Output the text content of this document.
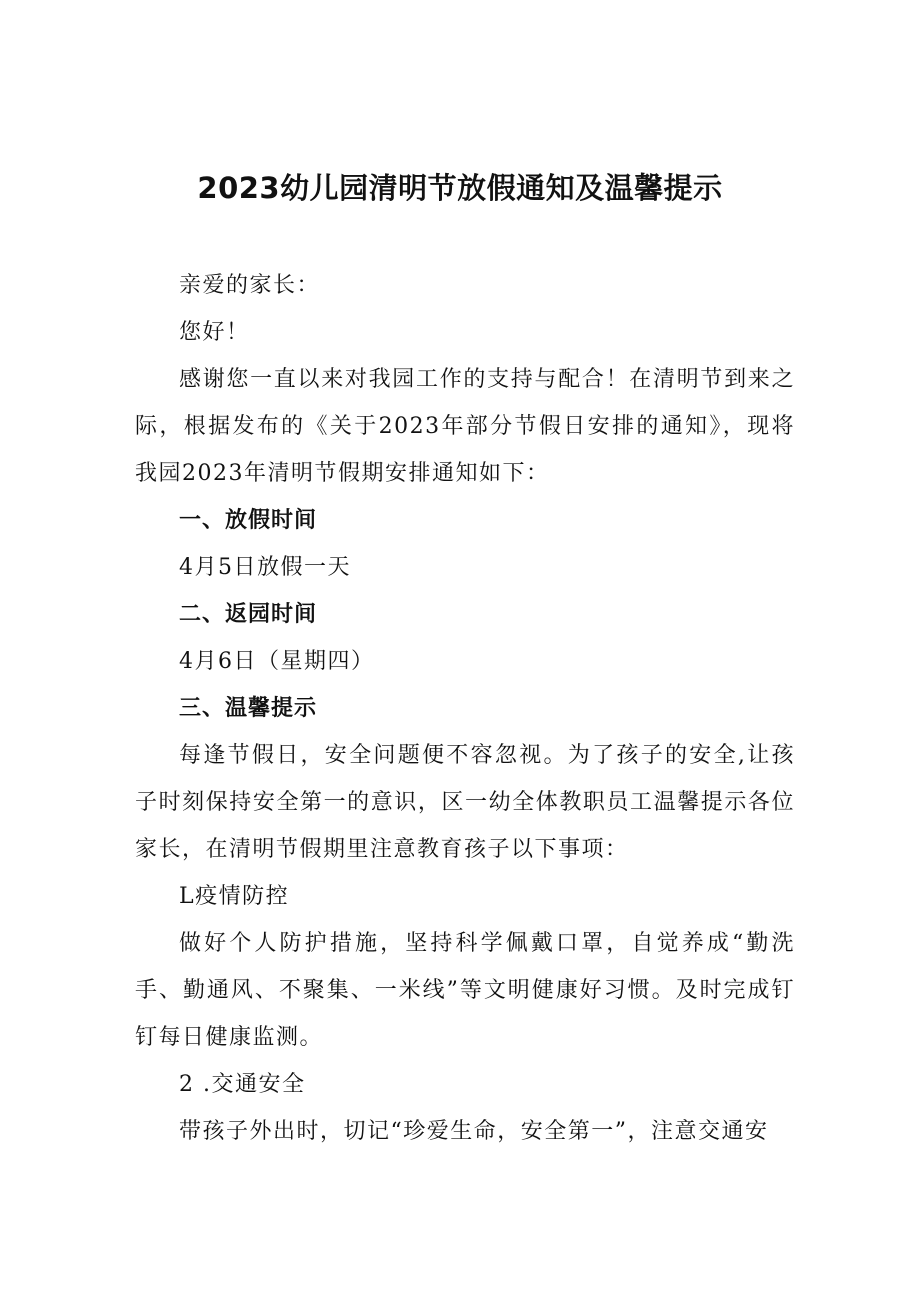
2023幼儿园清明节放假通知及温馨提示

亲爱的家长：

您好！

感谢您一直以来对我园工作的支持与配合！在清明节到来之际，根据发布的《关于2023年部分节假日安排的通知》，现将我园2023年清明节假期安排通知如下：

一、放假时间

4月5日放假一天

二、返园时间

4月6日（星期四）

三、温馨提示

每逢节假日，安全问题便不容忽视。为了孩子的安全,让孩子时刻保持安全第一的意识，区一幼全体教职员工温馨提示各位家长，在清明节假期里注意教育孩子以下事项：

L疫情防控

做好个人防护措施，坚持科学佩戴口罩，自觉养成“勤洗手、勤通风、不聚集、一米线”等文明健康好习惯。及时完成钉钉每日健康监测。

2 .交通安全

带孩子外出时，切记“珍爱生命，安全第一”，注意交通安
